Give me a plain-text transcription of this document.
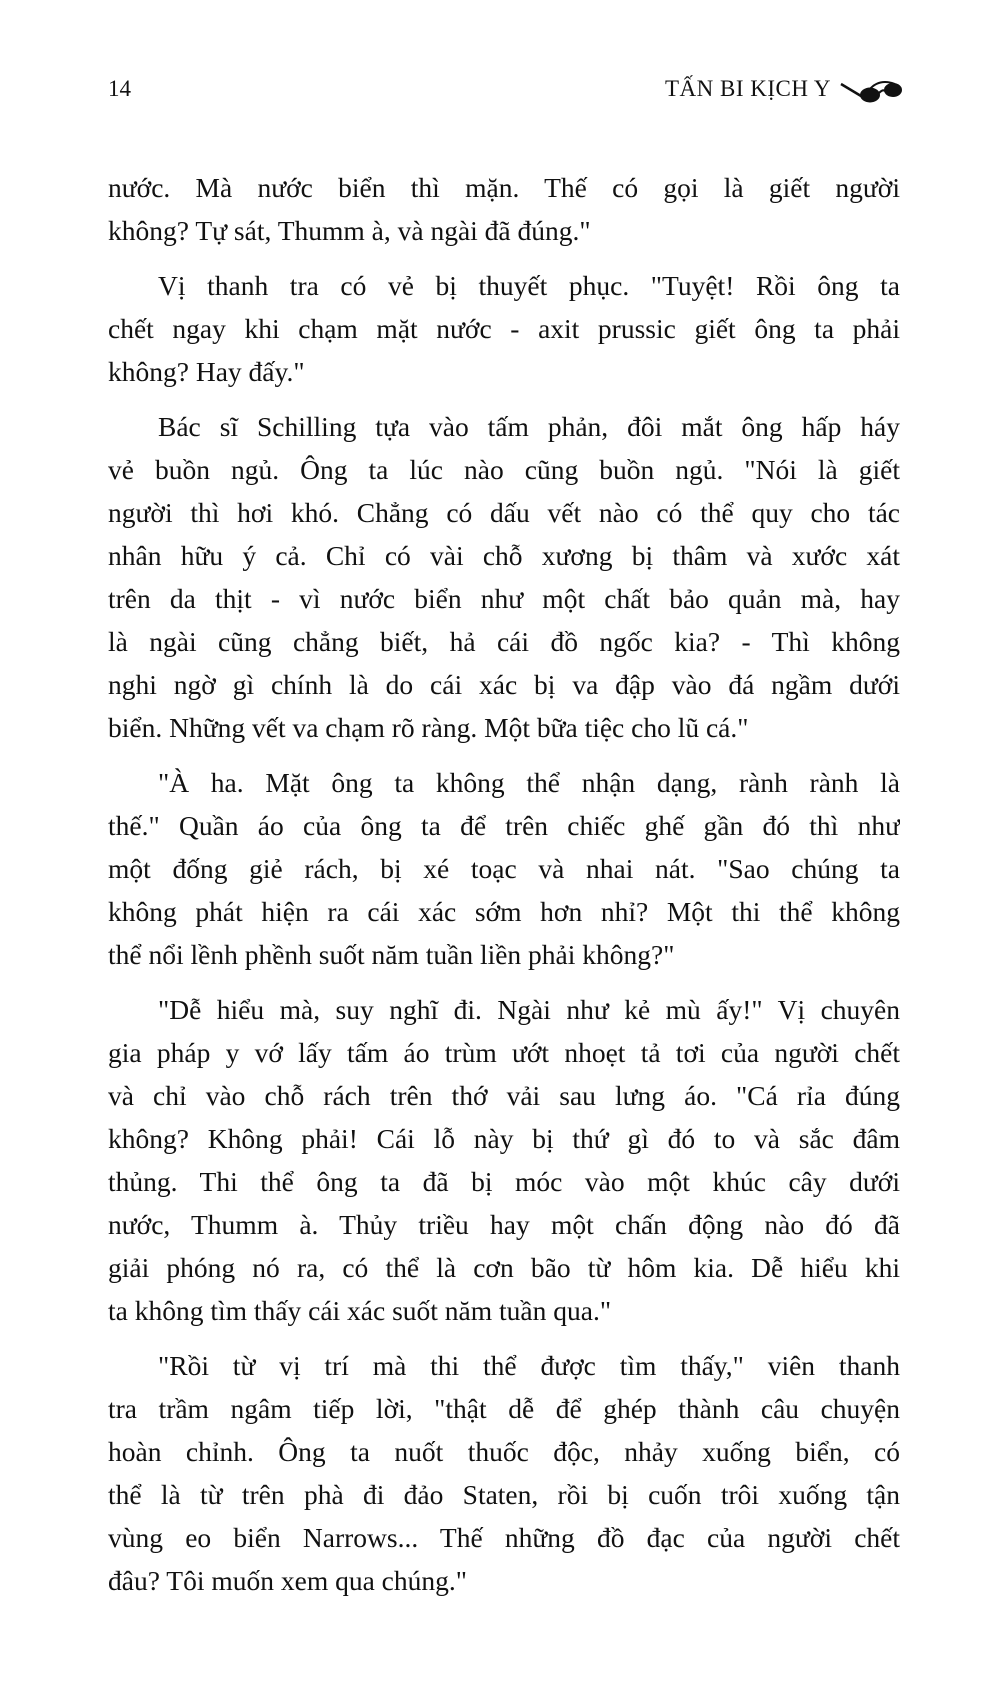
14	TẤN BI KỊCH Y
nước. Mà nước biển thì mặn. Thế có gọi là giết người
không? Tự sát, Thumm à, và ngài đã đúng."
Vị thanh tra có vẻ bị thuyết phục. "Tuyệt! Rồi ông ta
chết ngay khi chạm mặt nước - axit prussic giết ông ta phải
không? Hay đấy."
Bác sĩ Schilling tựa vào tấm phản, đôi mắt ông hấp háy
vẻ buồn ngủ. Ông ta lúc nào cũng buồn ngủ. "Nói là giết
người thì hơi khó. Chẳng có dấu vết nào có thể quy cho tác
nhân hữu ý cả. Chỉ có vài chỗ xương bị thâm và xước xát
trên da thịt - vì nước biển như một chất bảo quản mà, hay
là ngài cũng chẳng biết, hả cái đồ ngốc kia? - Thì không
nghi ngờ gì chính là do cái xác bị va đập vào đá ngầm dưới
biển. Những vết va chạm rõ ràng. Một bữa tiệc cho lũ cá."
"À ha. Mặt ông ta không thể nhận dạng, rành rành là
thế." Quần áo của ông ta để trên chiếc ghế gần đó thì như
một đống giẻ rách, bị xé toạc và nhai nát. "Sao chúng ta
không phát hiện ra cái xác sớm hơn nhỉ? Một thi thể không
thể nổi lềnh phềnh suốt năm tuần liền phải không?"
"Dễ hiểu mà, suy nghĩ đi. Ngài như kẻ mù ấy!" Vị chuyên
gia pháp y vớ lấy tấm áo trùm ướt nhoẹt tả tơi của người chết
và chỉ vào chỗ rách trên thớ vải sau lưng áo. "Cá rỉa đúng
không? Không phải! Cái lỗ này bị thứ gì đó to và sắc đâm
thủng. Thi thể ông ta đã bị móc vào một khúc cây dưới
nước, Thumm à. Thủy triều hay một chấn động nào đó đã
giải phóng nó ra, có thể là cơn bão từ hôm kia. Dễ hiểu khi
ta không tìm thấy cái xác suốt năm tuần qua."
"Rồi từ vị trí mà thi thể được tìm thấy," viên thanh
tra trầm ngâm tiếp lời, "thật dễ để ghép thành câu chuyện
hoàn chỉnh. Ông ta nuốt thuốc độc, nhảy xuống biển, có
thể là từ trên phà đi đảo Staten, rồi bị cuốn trôi xuống tận
vùng eo biển Narrows... Thế những đồ đạc của người chết
đâu? Tôi muốn xem qua chúng."
